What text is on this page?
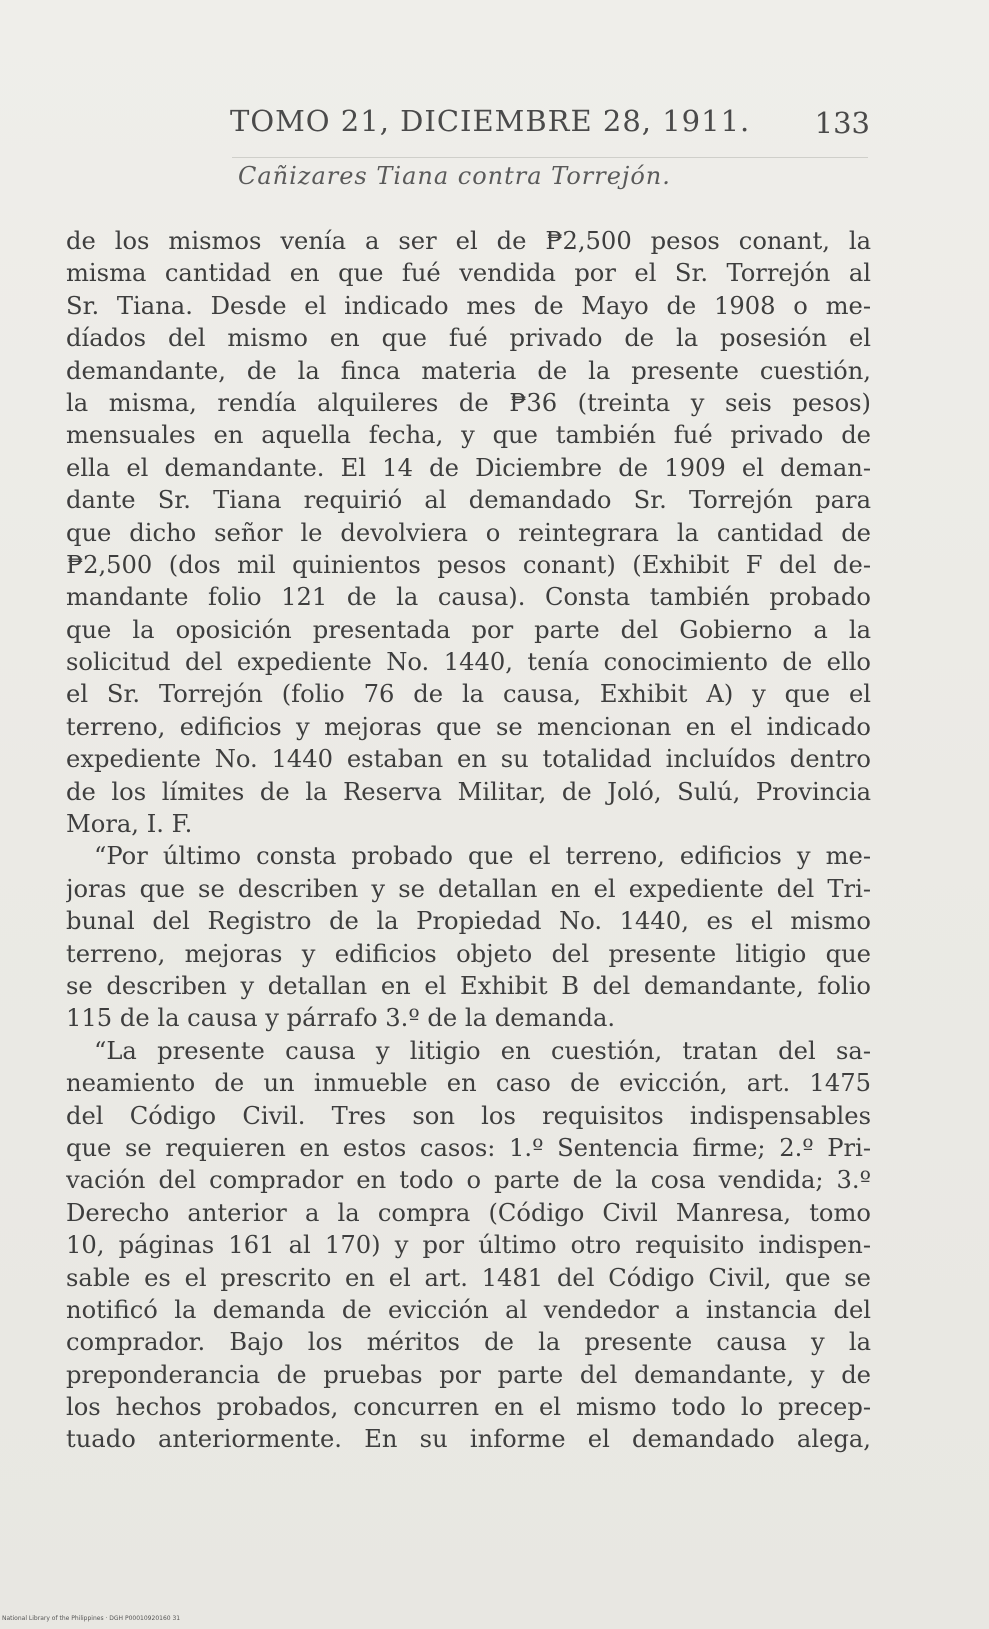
TOMO 21, DICIEMBRE 28, 1911. 133
Cañizares Tiana contra Torrejón.
de los mismos venía a ser el de ₱2,500 pesos conant, la
misma cantidad en que fué vendida por el Sr. Torrejón al
Sr. Tiana. Desde el indicado mes de Mayo de 1908 o me-
díados del mismo en que fué privado de la posesión el
demandante, de la finca materia de la presente cuestión,
la misma, rendía alquileres de ₱36 (treinta y seis pesos)
mensuales en aquella fecha, y que también fué privado de
ella el demandante. El 14 de Diciembre de 1909 el deman-
dante Sr. Tiana requirió al demandado Sr. Torrejón para
que dicho señor le devolviera o reintegrara la cantidad de
₱2,500 (dos mil quinientos pesos conant) (Exhibit F del de-
mandante folio 121 de la causa). Consta también probado
que la oposición presentada por parte del Gobierno a la
solicitud del expediente No. 1440, tenía conocimiento de ello
el Sr. Torrejón (folio 76 de la causa, Exhibit A) y que el
terreno, edificios y mejoras que se mencionan en el indicado
expediente No. 1440 estaban en su totalidad incluídos dentro
de los límites de la Reserva Militar, de Joló, Sulú, Provincia
Mora, I. F.
“Por último consta probado que el terreno, edificios y me-
joras que se describen y se detallan en el expediente del Tri-
bunal del Registro de la Propiedad No. 1440, es el mismo
terreno, mejoras y edificios objeto del presente litigio que
se describen y detallan en el Exhibit B del demandante, folio
115 de la causa y párrafo 3.º de la demanda.
“La presente causa y litigio en cuestión, tratan del sa-
neamiento de un inmueble en caso de evicción, art. 1475
del Código Civil. Tres son los requisitos indispensables
que se requieren en estos casos: 1.º Sentencia firme; 2.º Pri-
vación del comprador en todo o parte de la cosa vendida; 3.º
Derecho anterior a la compra (Código Civil Manresa, tomo
10, páginas 161 al 170) y por último otro requisito indispen-
sable es el prescrito en el art. 1481 del Código Civil, que se
notificó la demanda de evicción al vendedor a instancia del
comprador. Bajo los méritos de la presente causa y la
preponderancia de pruebas por parte del demandante, y de
los hechos probados, concurren en el mismo todo lo precep-
tuado anteriormente. En su informe el demandado alega,
National Library of the Philippines · DGH P00010920160 31
